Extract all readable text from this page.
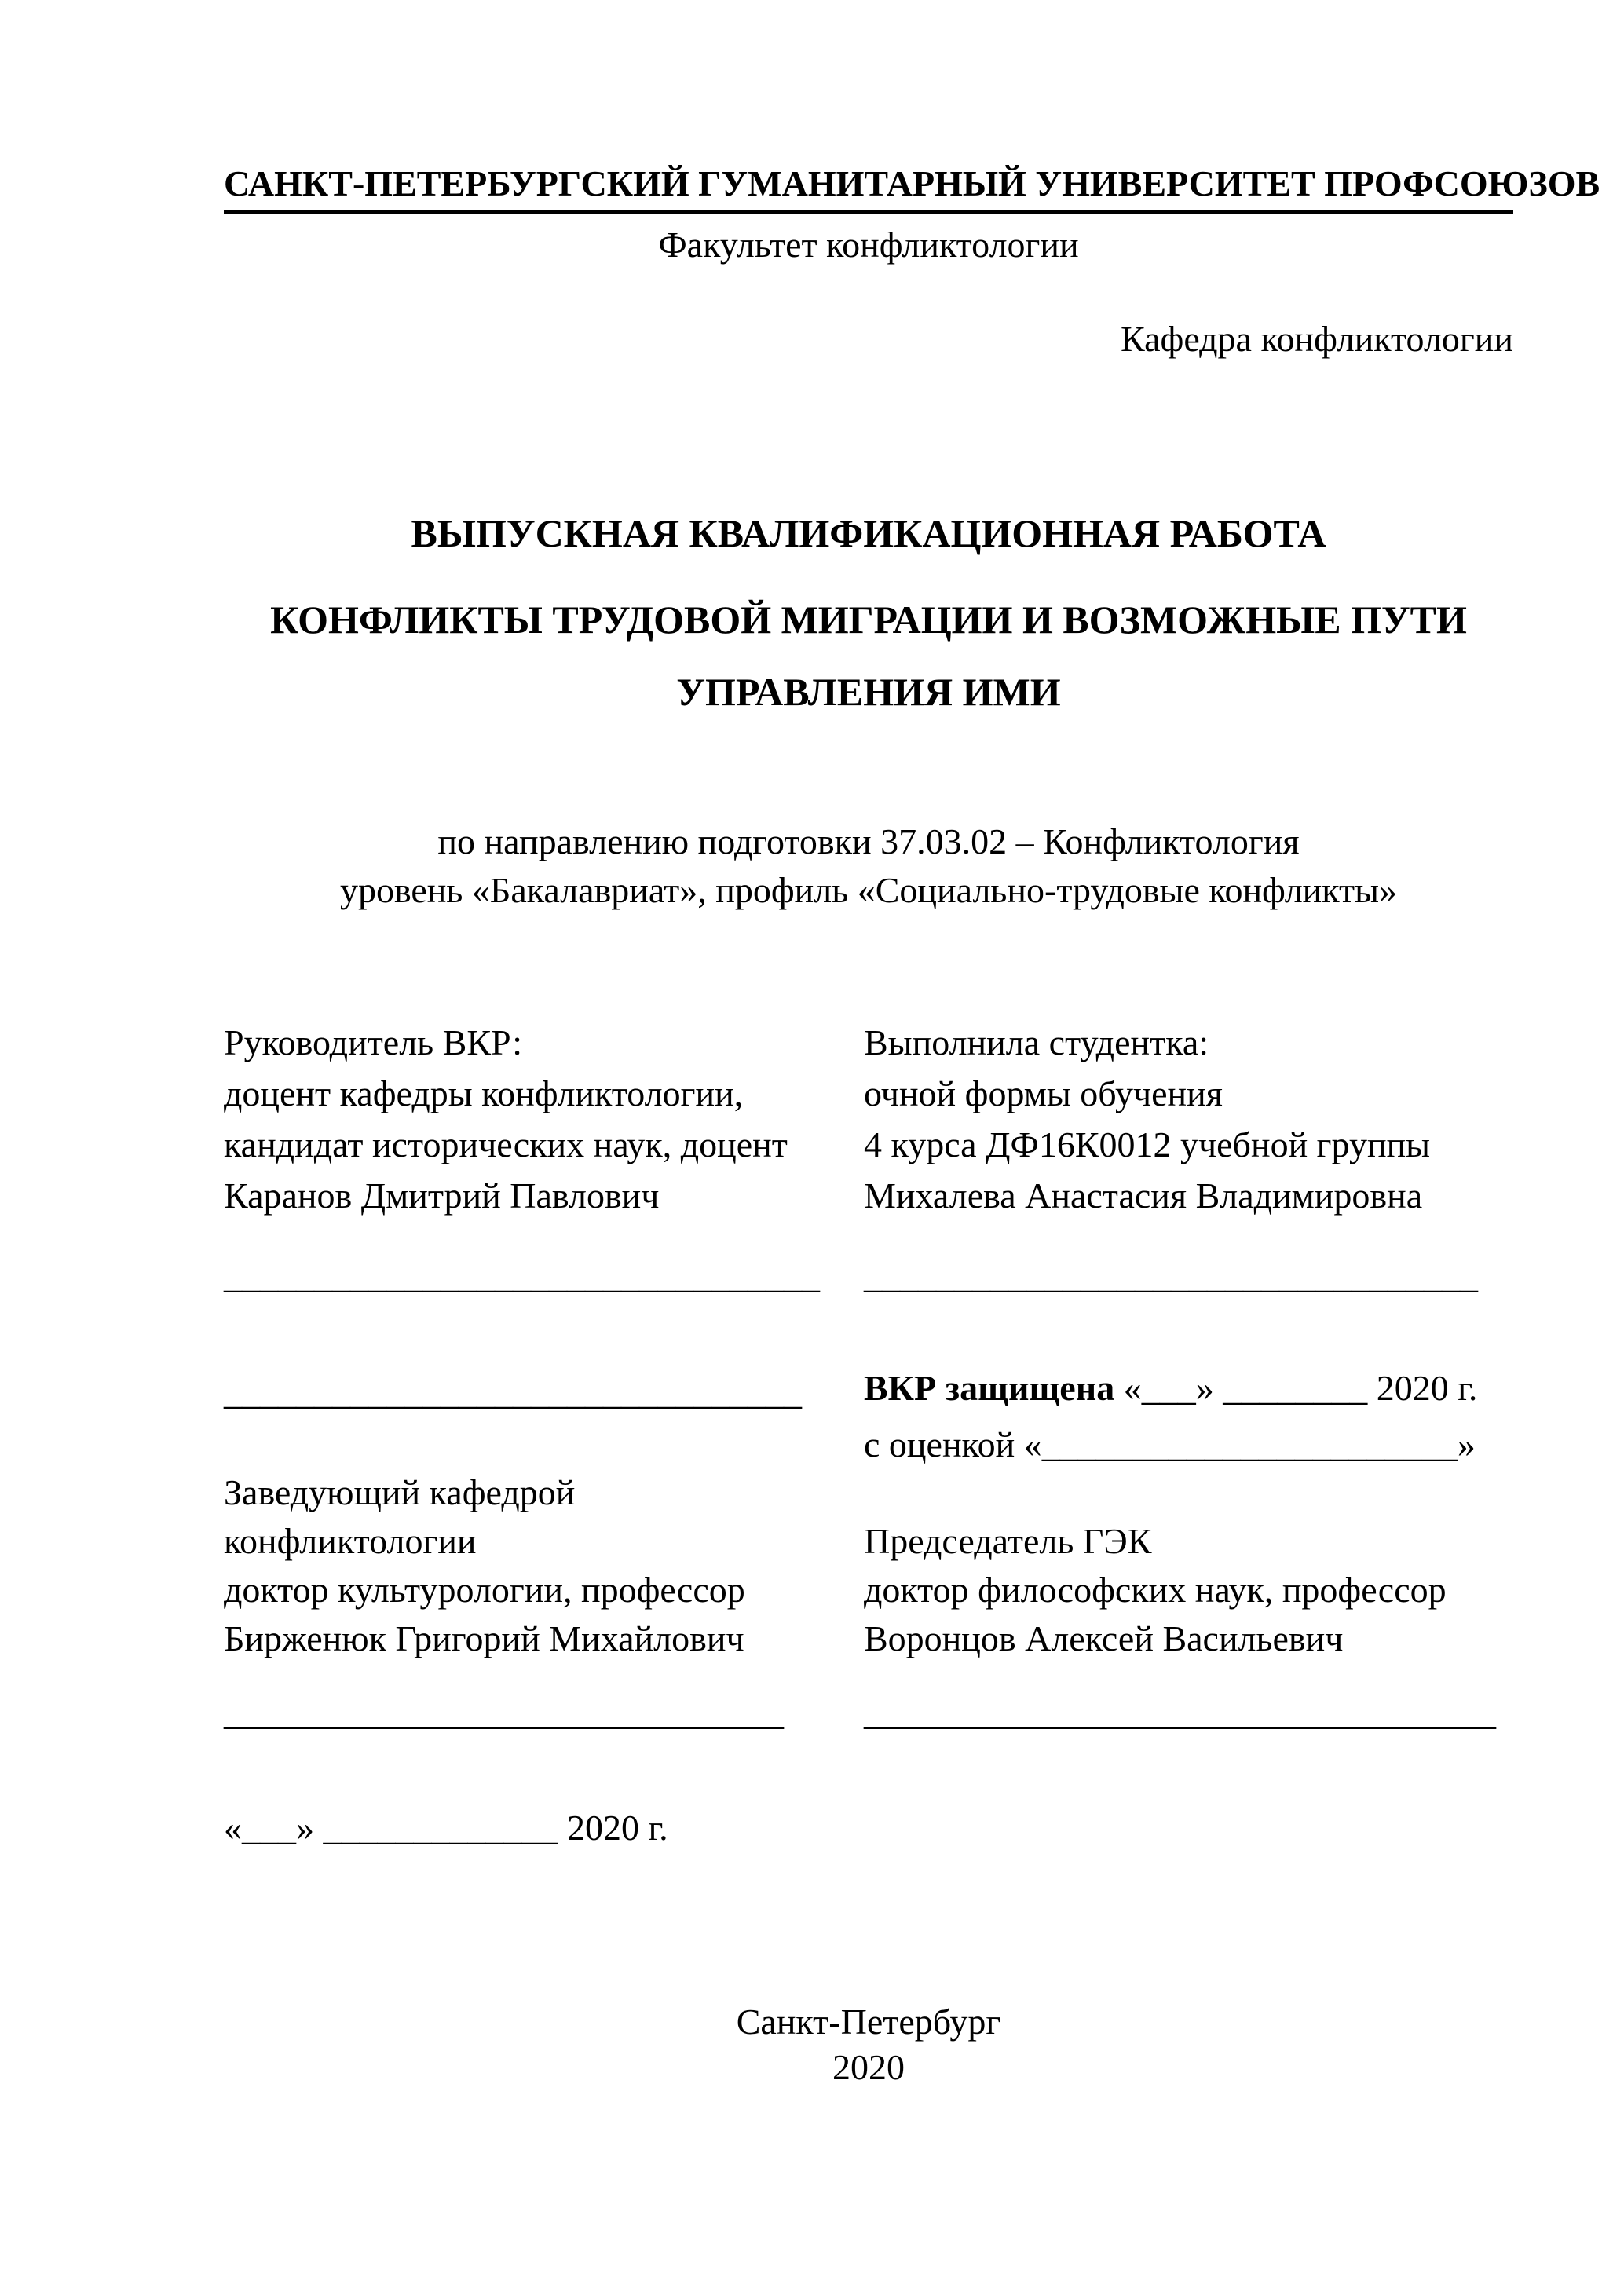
САНКТ-ПЕТЕРБУРГСКИЙ ГУМАНИТАРНЫЙ УНИВЕРСИТЕТ ПРОФСОЮЗОВ
Факультет конфликтологии
Кафедра конфликтологии
ВЫПУСКНАЯ КВАЛИФИКАЦИОННАЯ РАБОТА
КОНФЛИКТЫ ТРУДОВОЙ МИГРАЦИИ И ВОЗМОЖНЫЕ ПУТИ
УПРАВЛЕНИЯ ИМИ
по направлению подготовки 37.03.02 – Конфликтология
уровень «Бакалавриат», профиль «Социально-трудовые конфликты»
Руководитель ВКР:
доцент кафедры конфликтологии,
кандидат исторических наук, доцент
Каранов Дмитрий Павлович
Выполнила студентка:
очной формы обучения
4 курса ДФ16К0012 учебной группы
Михалева Анастасия Владимировна
_________________________________ __________________________________
________________________________ ВКР защищена «___» ________ 2020 г.
с оценкой «_______________________»
Заведующий кафедрой
конфликтологии
доктор культурологии, профессор
Бирженюк Григорий Михайлович
Председатель ГЭК
доктор философских наук, профессор
Воронцов Алексей Васильевич
_______________________________ ___________________________________
«___» _____________ 2020 г.
Санкт-Петербург
2020
